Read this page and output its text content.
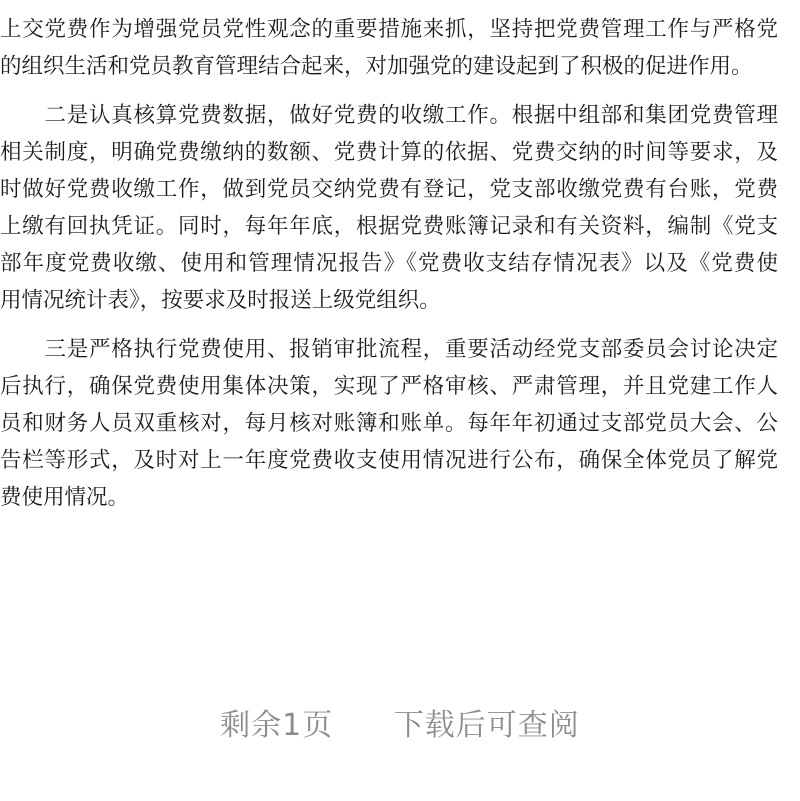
上交党费作为增强党员党性观念的重要措施来抓，坚持把党费管理工作与严格党
的组织生活和党员教育管理结合起来，对加强党的建设起到了积极的促进作用。
　　二是认真核算党费数据，做好党费的收缴工作。根据中组部和集团党费管理
相关制度，明确党费缴纳的数额、党费计算的依据、党费交纳的时间等要求，及
时做好党费收缴工作，做到党员交纳党费有登记，党支部收缴党费有台账，党费
上缴有回执凭证。同时，每年年底，根据党费账簿记录和有关资料，编制《党支
部年度党费收缴、使用和管理情况报告》《党费收支结存情况表》以及《党费使
用情况统计表》，按要求及时报送上级党组织。
　　三是严格执行党费使用、报销审批流程，重要活动经党支部委员会讨论决定
后执行，确保党费使用集体决策，实现了严格审核、严肃管理，并且党建工作人
员和财务人员双重核对，每月核对账簿和账单。每年年初通过支部党员大会、公
告栏等形式，及时对上一年度党费收支使用情况进行公布，确保全体党员了解党
费使用情况。
剩余1页 下载后可查阅
